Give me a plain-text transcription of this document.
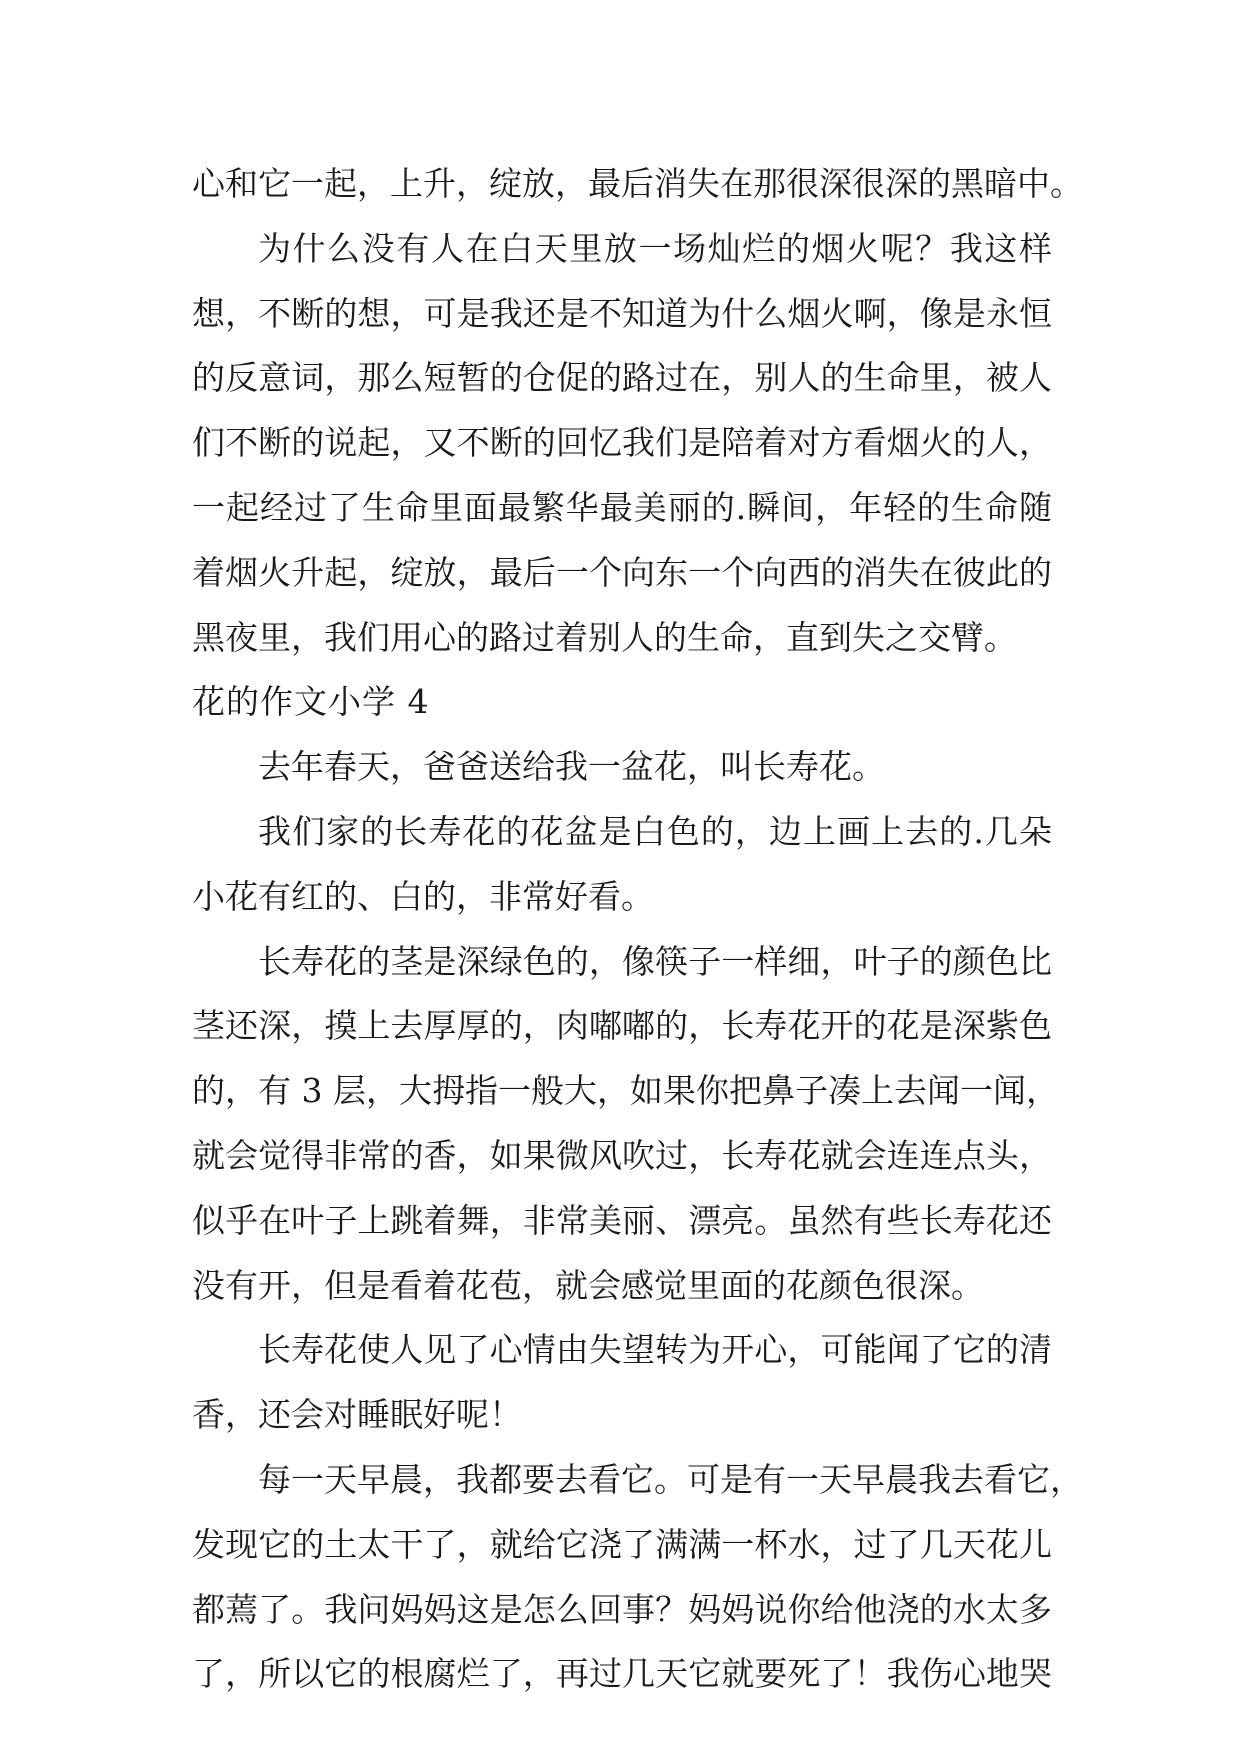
心和它一起，上升，绽放，最后消失在那很深很深的黑暗中。
为什么没有人在白天里放一场灿烂的烟火呢？我这样
想，不断的想，可是我还是不知道为什么烟火啊，像是永恒
的反意词，那么短暂的仓促的路过在，别人的生命里，被人
们不断的说起，又不断的回忆我们是陪着对方看烟火的人，
一起经过了生命里面最繁华最美丽的.瞬间，年轻的生命随
着烟火升起，绽放，最后一个向东一个向西的消失在彼此的
黑夜里，我们用心的路过着别人的生命，直到失之交臂。
花的作文小学 4
去年春天，爸爸送给我一盆花，叫长寿花。
我们家的长寿花的花盆是白色的，边上画上去的.几朵
小花有红的、白的，非常好看。
长寿花的茎是深绿色的，像筷子一样细，叶子的颜色比
茎还深，摸上去厚厚的，肉嘟嘟的，长寿花开的花是深紫色
的，有 3 层，大拇指一般大，如果你把鼻子凑上去闻一闻，
就会觉得非常的香，如果微风吹过，长寿花就会连连点头，
似乎在叶子上跳着舞，非常美丽、漂亮。虽然有些长寿花还
没有开，但是看着花苞，就会感觉里面的花颜色很深。
长寿花使人见了心情由失望转为开心，可能闻了它的清
香，还会对睡眠好呢！
每一天早晨，我都要去看它。可是有一天早晨我去看它，
发现它的土太干了，就给它浇了满满一杯水，过了几天花儿
都蔫了。我问妈妈这是怎么回事？妈妈说你给他浇的水太多
了，所以它的根腐烂了，再过几天它就要死了！我伤心地哭
